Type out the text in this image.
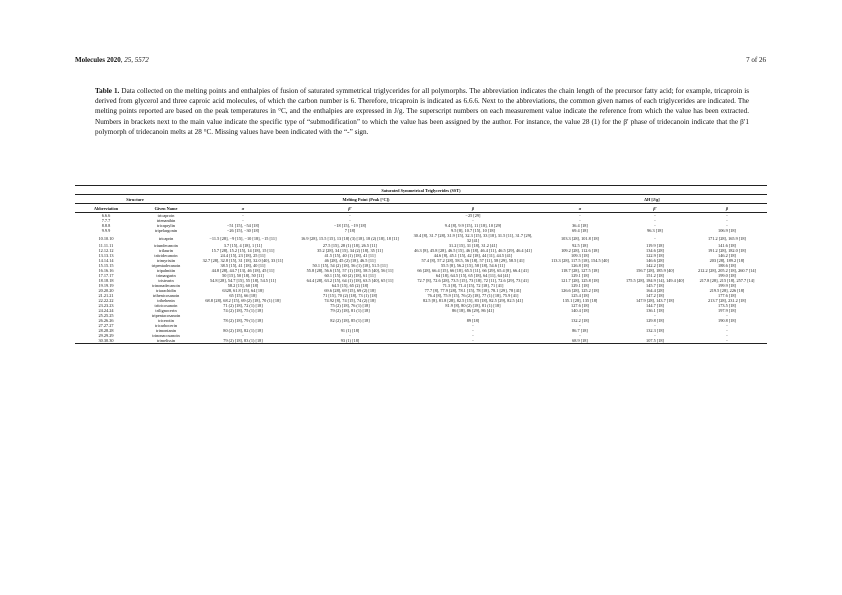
Molecules 2020, 25, 5572	7 of 26
Table 1. Data collected on the melting points and enthalpies of fusion of saturated symmetrical triglycerides for all polymorphs. The abbreviation indicates the chain length of the precursor fatty acid; for example, tricaproin is derived from glycerol and three caproic acid molecules, of which the carbon number is 6. Therefore, tricaproin is indicated as 6.6.6. Next to the abbreviations, the common given names of each triglycerides are indicated. The melting points reported are based on the peak temperatures in °C, and the enthalpies are expressed in J/g. The superscript numbers on each measurement value indicate the reference from which the value has been extracted. Numbers in brackets next to the main value indicate the specific type of “submodification” to which the value has been assigned by the author. For instance, the value 28 (1) for the β′ phase of tridecanoin indicate that the β′1 polymorph of tridecanoin melts at 28 °C. Missing values have been indicated with the “-” sign.
Saturated Symmetrical Triglycerides (SST)							
Structure		Melting Point (Peak [°C])			ΔH [J/g]		
Abbreviation	Given Name	α	β′	β	α	β′	β
6.6.6	tricaproin	-	-	−25 [29]	-	-	-
7.7.7	trienanthin	-	-	-	-	-	-
8.8.8	tricaprylin	−51 [15], −54 [18]	−18 [15], −19 [18]	9.4 [8], 9.9 [15], 11 [18], 10 [29]	36.4 [18]	-	-
9.9.9	tripelargonin	−26 [15], −30 [18]	7 [18]	9.5 [8], 10.7 [15], 10 [18]	69.4 [18]	96.3 [18]	106.9 [18]
10.10.10	tricaprin	−11.5 [28], −9 [15], −10 [18], −15 [11]	16.9 [28], 15.5 [15], 13 [18] (3) [18], 18 (2) [18], 18 [11]	30.4 [8], 31.7 [28], 31.9 [15], 32.3 [15], 33 [18], 31.5 [11], 31.7 [29], 32 [41]	103.3 [28], 101.8 [18]	-	171.2 [28], 165.9 [18]
11.11.11	triundecanoin	3.7 [15], 4 [18], 1 [11]	27.5 [15], 28 (1) [18], 26.5 [11]	31.2 [15], 31 [18], 31.2 [41]	92.5 [18]	119.9 [18]	141.6 [18]
12.12.12	trilaurin	15.7 [28], 15.2 [15], 14 [18], 15 [11]	35.2 [28], 34 [15], 34 (2) [18], 35 [11]	46.3 [8], 45.8 [28], 46.5 [15], 46 [18], 46.4 [11], 46.5 [29], 46.4 [41]	109.2 [28], 112.6 [18]	134.6 [28]	191.2 [28], 182.0 [18]
13.13.13	tritridecanoin	24.4 [15], 23 [18], 25 [11]	41.5 [15], 40 (1) [18], 41 [11]	44.6 [8], 45.1 [15], 42 [18], 44 [11], 44.5 [41]	109.3 [18]	122.9 [18]	146.2 [18]
14.14.14	trimyristin	32.7 [28], 32.8 [15], 31 [18], 32.0 [40], 33 [11]	46 [28], 45 (2) [18], 46.5 [11]	57.4 [8], 57.2 [28], 58.5, 56 [18], 57 [11], 58 [29], 58.5 [41]	113.3 [28], 117.5 [18], 154.5 [40]	146.6 [28]	203 [28], 189.2 [18]
15.15.15	tripentadecanoin	38.5 [15], 41 [18], 40 [11]	50.1 [15], 54 (2) [18], 56 (1) [18], 51.5 [11]	55.5 [8], 56.2 [15], 58 [18], 54.6 [11]	126.8 [18]	142.2 [18]	188.6 [18]
16.16.16	tripalmitin	44.8 [28], 44.7 [13], 46 [18], 45 [11]	55.8 [28], 56.6 [15], 57 (1) [18], 58.5 [40], 56 [11]	66 [28], 66.4 [15], 66 [18], 65.5 [11], 66 [29], 65.4 [8], 66.4 [41]	118.7 [28], 127.5 [18]	156.7 [28], 185.9 [40]	212.2 [28], 205.2 [18], 260.7 [14]
17.17.17	trimargarin	50 [15], 50 [18], 50 [11]	60.1 [15], 60 (2) [18], 61 [11]	64 [18], 64.5 [15], 65 [18], 64 [11], 64 [41]	129.1 [18]	151.2 [18]	199.0 [18]
18.18.18	tristearin	54.8 [28], 54.7 [15], 55 [18], 54.5 [11]	64.4 [28], 63.2 [15], 64 (1) [18], 63.5 [40], 65 [11]	72.7 [8], 72.6 [28], 73.5 [15], 73 [18], 72 [11], 72.6 [29], 73 [41]	121.7 [28], 125.8 [18]	175.5 [28], 184.9 [14], 149.4 [40]	217.8 [28], 215 [18], 257.7 [14]
19.19.19	trinonadecanoin	58.2 [15], 60 [18]	64.5 [15], 65 (2) [18]	71.3 [8], 71.4 [15], 72 [18], 71 [41]	129.1 [18]	145.7 [18]	199.9 [18]
20.20.20	triarachidin	6328, 61.8 [15], 64 [18]	69.6 [28], 69 [15], 69 (2) [18]	77.7 [8], 77.9 [28], 78.1 [15], 78 [18], 78.1 [29], 78 [41]	126.6 [28], 125.2 [18]	164.4 [28]	219.5 [28], 226 [18]
21.21.21	trihenicosanoin	65 [15], 66 [18]	71 [15], 70 (2) [18], 73 (1) [18]	76.4 [8], 75.9 [15], 76 (2) [18], 77 (1) [18], 75.9 [41]	125.4 [18]	147.2 [18]	177.6 [18]
22.22.22	tribehenin	68.8 [28], 68.2 [15], 69 (2) [18], 70 (1) [18]	74.92 [8], 74 [15], 74 (2) [18]	82.5 [8], 81.8 [28], 82.5 [15], 83 [18], 82.5 [29], 82.5 [41]	135.1 [28], 135 [18]	147.9 [28], 143.7 [18]	213.7 [28], 231.2 [18]
23.23.23	tritricosanoin	71 (2) [18], 72 (1) [18]	75 (2) [18], 76 (1) [18]	81.9 [8], 80 (2) [18], 81 (1) [18]	127.6 [18]	144.7 [18]	173.5 [18]
24.24.24	trilignocerin	74 (2) [18], 75 (1) [18]	79 (2) [18], 81 (1) [18]	86 [18], 86 [29], 86 [41]	140.4 [18]	136.1 [18]	197.9 [18]
25.25.25	tripentacosanoin	-	-	-	-	-	-
26.26.26	tricerotin	78 (2) [18], 79 (1) [18]	82 (2) [18], 85 (1) [18]	89 [18]	132.2 [18]	129.8 [18]	190.8 [18]
27.27.27	tricarbocerin	-	-	-	-	-	-
28.28.28	trimontanin	80 (2) [18], 82 (1) [18]	91 (1) [18]	-	86.7 [18]	132.3 [18]	-
29.29.29	trinonacosanoin	-	-	-	-	-	-
30.30.30	trimelissin	79 (2) [18], 83 (1) [18]	93 (1) [18]	-	68.9 [18]	107.5 [18]	-
